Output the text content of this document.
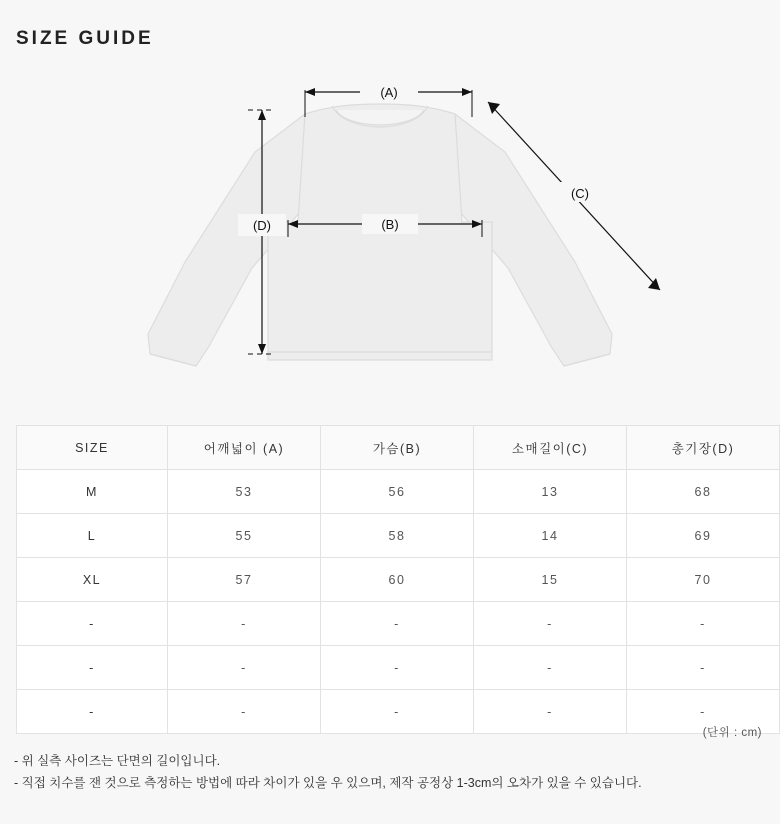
SIZE GUIDE
(A)
(B)
(C)
(D)
SIZE	어깨넓이 (A)	가슴(B)	소매길이(C)	총기장(D)
M	53	56	13	68
L	55	58	14	69
XL	57	60	15	70
-	-	-	-	-
-	-	-	-	-
-	-	-	-	-
(단위 : cm)
- 위 실측 사이즈는 단면의 길이입니다.
- 직접 치수를 잰 것으로 측정하는 방법에 따라 차이가 있을 우 있으며, 제작 공정상 1-3cm의 오차가 있을 수 있습니다.
